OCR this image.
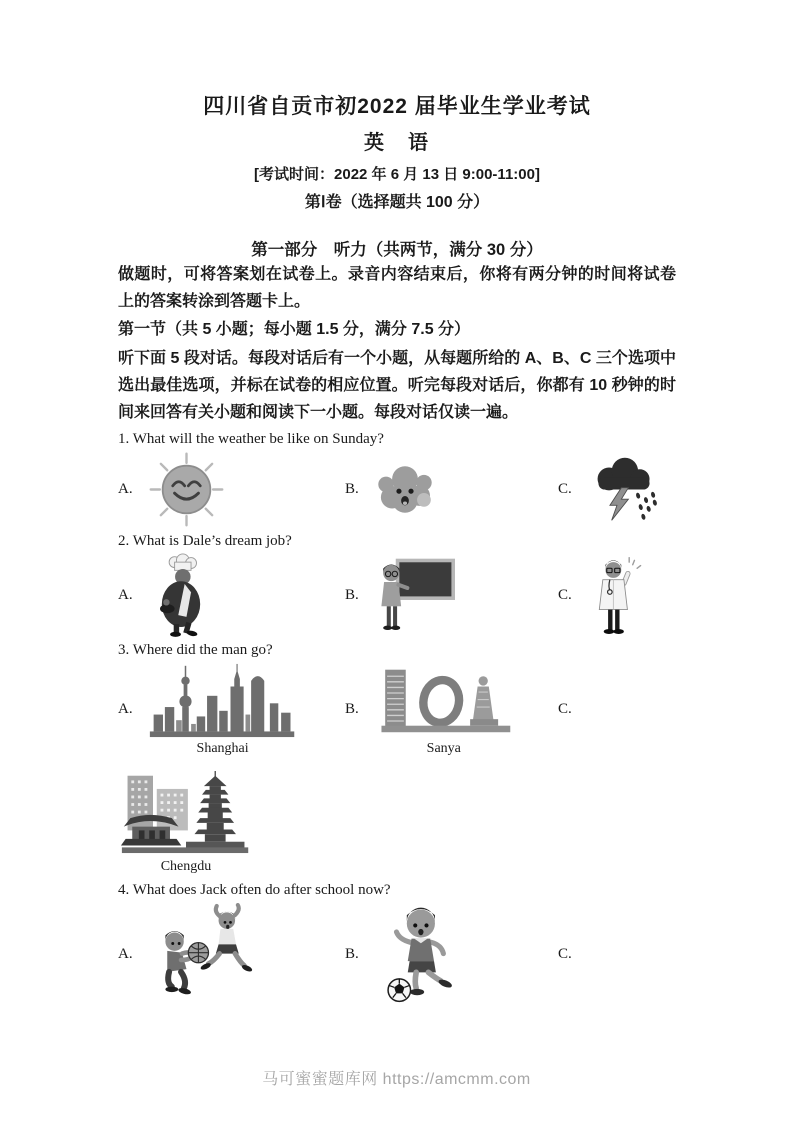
四川省自贡市初2022 届毕业生学业考试
英　语

[考试时间：2022 年 6 月 13 日 9:00-11:00]

第Ⅰ卷（选择题共 100 分）

第一部分　听力（共两节，满分 30 分）

做题时，可将答案划在试卷上。录音内容结束后，你将有两分钟的时间将试卷上的答案转涂到答题卡上。

第一节（共 5 小题；每小题 1.5 分，满分 7.5 分）

听下面 5 段对话。每段对话后有一个小题，从每题所给的 A、B、C 三个选项中选出最佳选项，并标在试卷的相应位置。听完每段对话后，你都有 10 秒钟的时间来回答有关小题和阅读下一小题。每段对话仅读一遍。

1. What will the weather be like on Sunday?

A.	B.	C.

2. What is Dale’s dream job?

A.	B.	C.

3. Where did the man go?

A.
Shanghai
B.
Sanya
C.
Chengdu

4. What does Jack often do after school now?

A.	B.	C.

马可蜜蜜题库网 https://amcmm.com
